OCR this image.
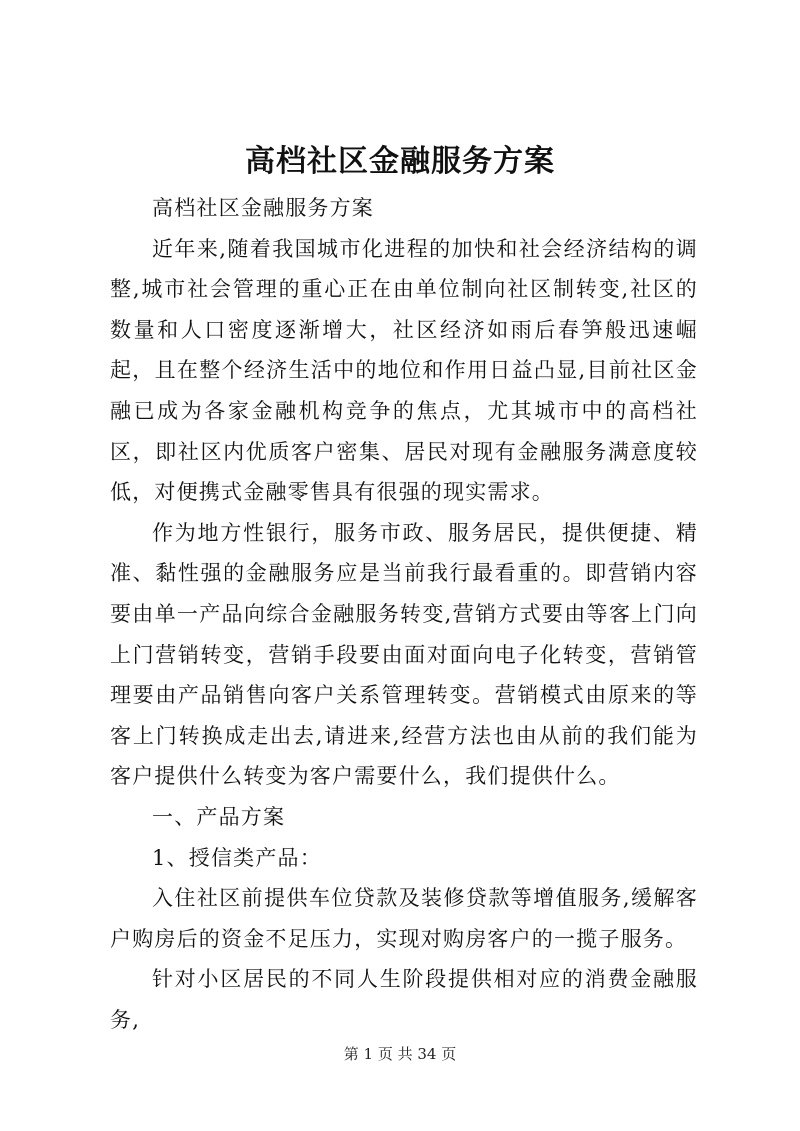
高档社区金融服务方案

高档社区金融服务方案

近年来,随着我国城市化进程的加快和社会经济结构的调整,城市社会管理的重心正在由单位制向社区制转变,社区的数量和人口密度逐渐增大，社区经济如雨后春笋般迅速崛起，且在整个经济生活中的地位和作用日益凸显,目前社区金融已成为各家金融机构竞争的焦点，尤其城市中的高档社区，即社区内优质客户密集、居民对现有金融服务满意度较低，对便携式金融零售具有很强的现实需求。

作为地方性银行，服务市政、服务居民，提供便捷、精准、黏性强的金融服务应是当前我行最看重的。即营销内容要由单一产品向综合金融服务转变,营销方式要由等客上门向上门营销转变，营销手段要由面对面向电子化转变，营销管理要由产品销售向客户关系管理转变。营销模式由原来的等客上门转换成走出去,请进来,经营方法也由从前的我们能为客户提供什么转变为客户需要什么，我们提供什么。

一、产品方案

1、授信类产品：

入住社区前提供车位贷款及装修贷款等增值服务,缓解客户购房后的资金不足压力，实现对购房客户的一揽子服务。

针对小区居民的不同人生阶段提供相对应的消费金融服务,

第 1 页 共 34 页
